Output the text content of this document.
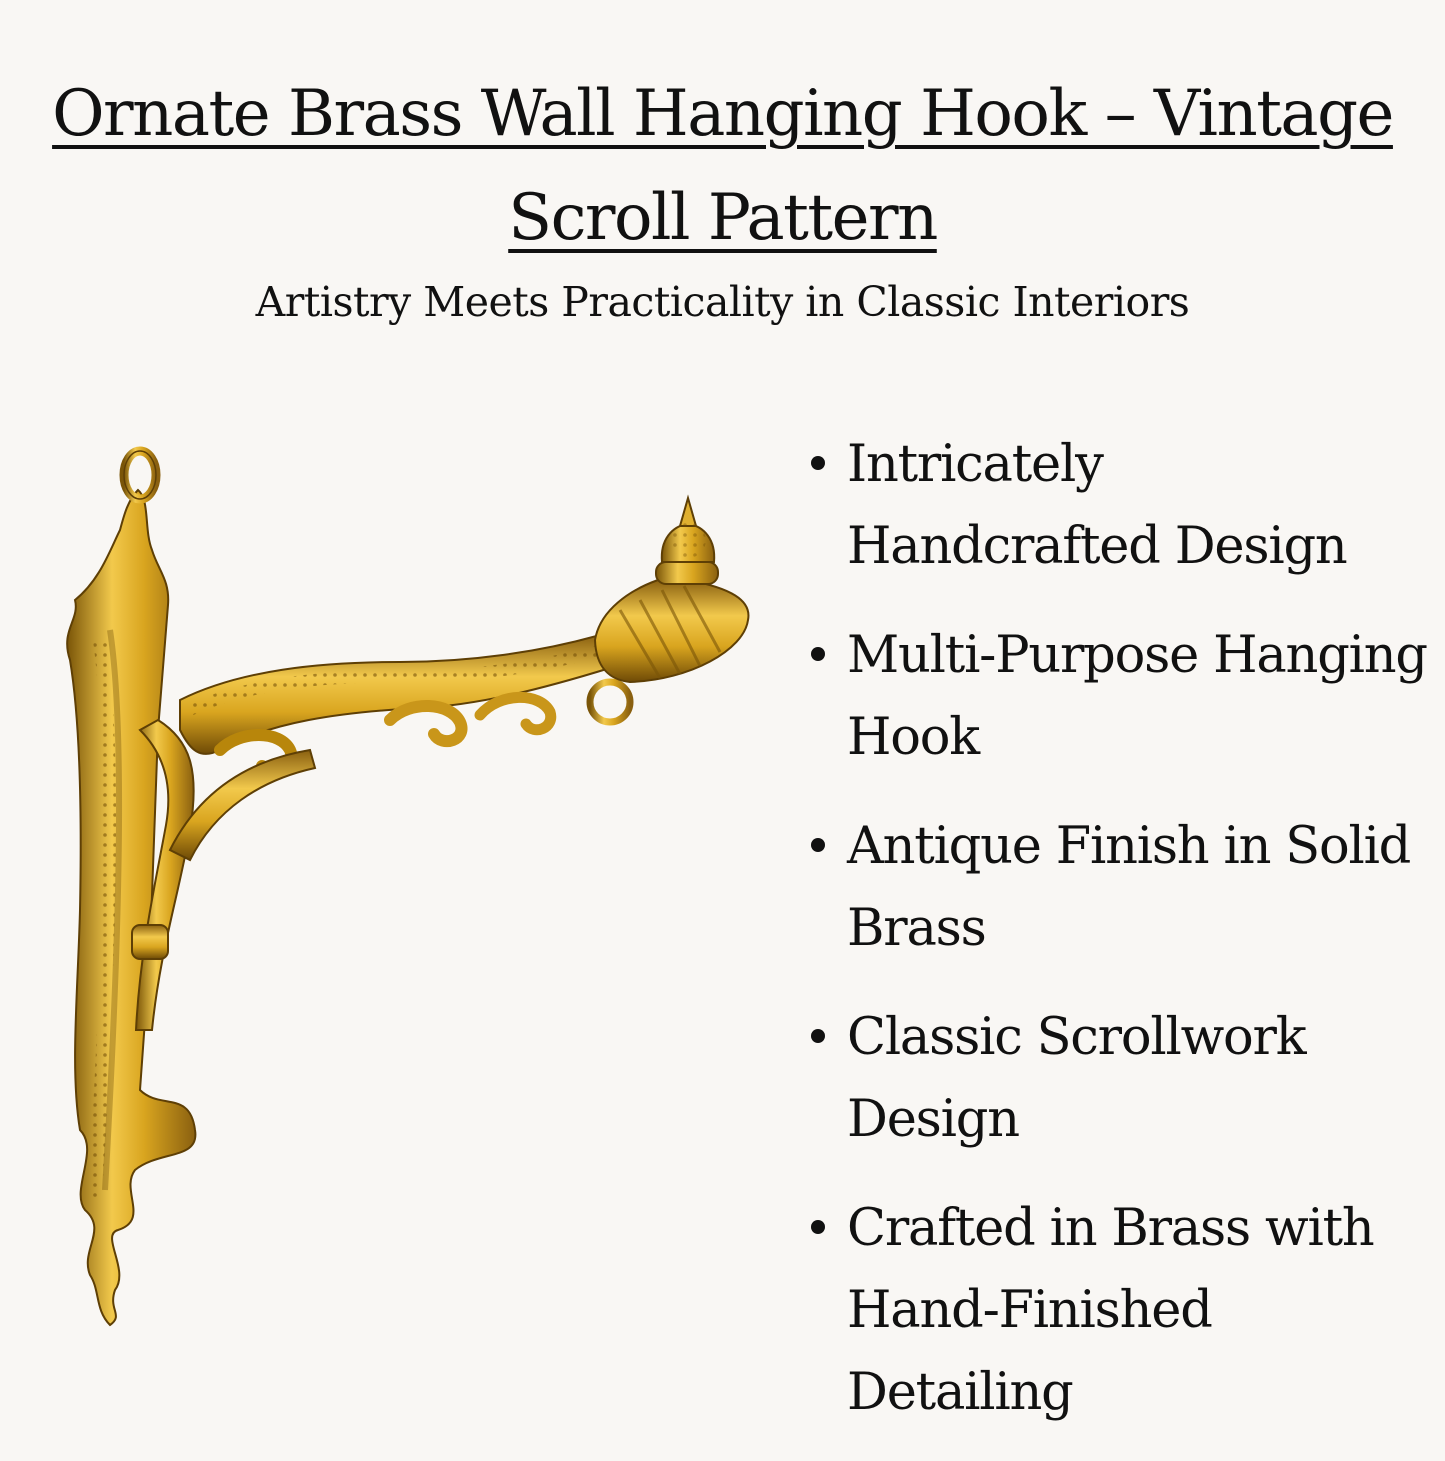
Ornate Brass Wall Hanging Hook – Vintage Scroll Pattern

Artistry Meets Practicality in Classic Interiors

Intricately Handcrafted Design
Multi-Purpose Hanging Hook
Antique Finish in Solid Brass
Classic Scrollwork Design
Crafted in Brass with Hand-Finished Detailing
